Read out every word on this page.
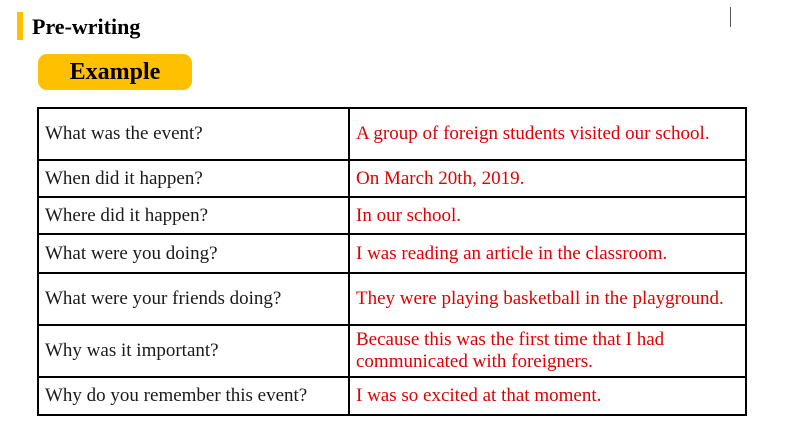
Pre-writing
Example
What was the event?	A group of foreign students visited our school.
When did it happen?	On March 20th, 2019.
Where did it happen?	In our school.
What were you doing?	I was reading an article in the classroom.
What were your friends doing?	They were playing basketball in the playground.
Why was it important?	Because this was the first time that I had communicated with foreigners.
Why do you remember this event?	I was so excited at that moment.
